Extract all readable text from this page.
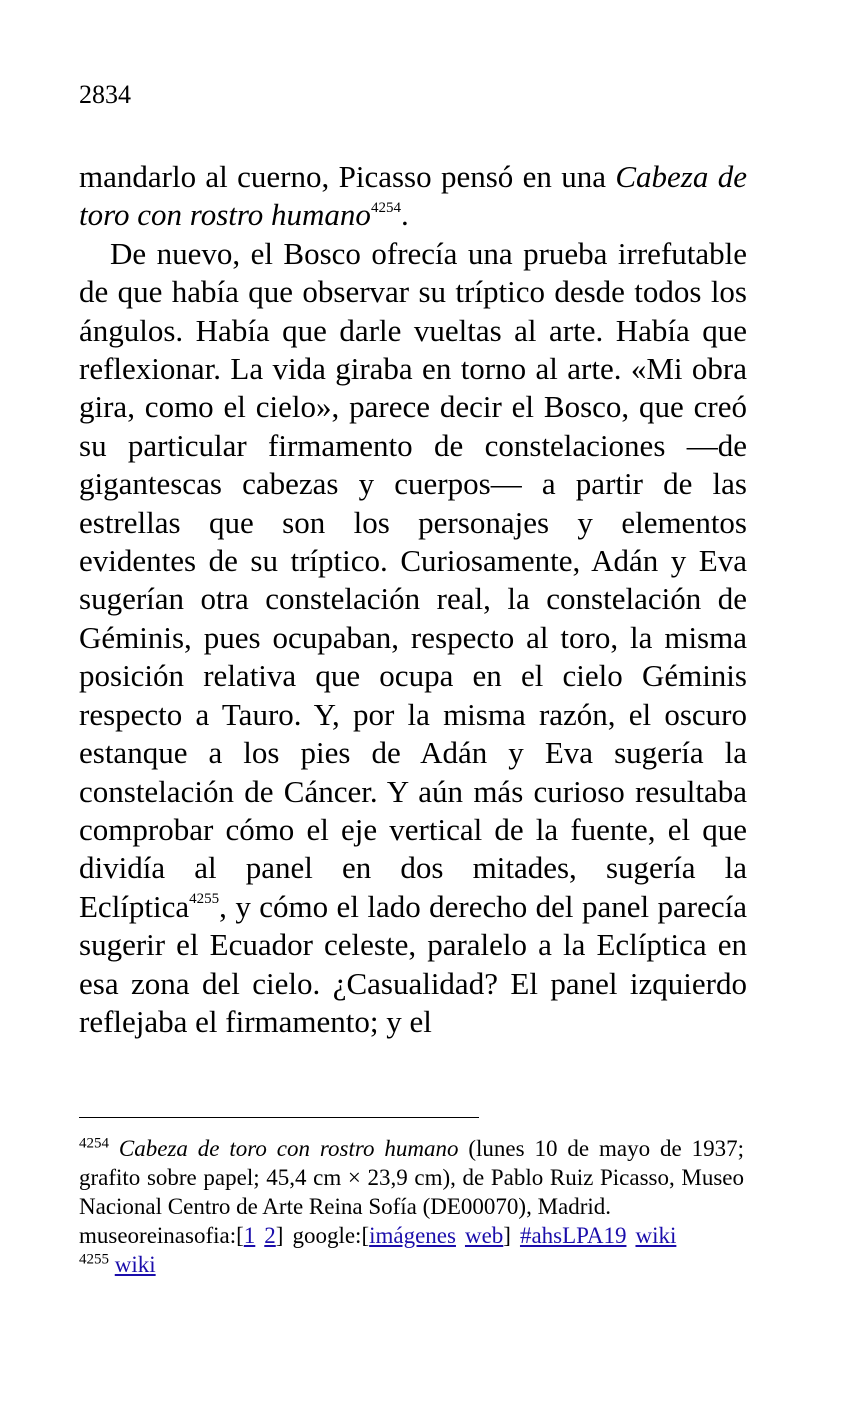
2834

mandarlo al cuerno, Picasso pensó en una Cabeza de toro con rostro humano$^{4254}$.

De nuevo, el Bosco ofrecía una prueba irrefutable de que había que observar su tríptico desde todos los ángulos. Había que darle vueltas al arte. Había que reflexionar. La vida giraba en torno al arte. «Mi obra gira, como el cielo», parece decir el Bosco, que creó su particular firmamento de constelaciones —de gigantescas cabezas y cuerpos— a partir de las estrellas que son los personajes y elementos evidentes de su tríptico. Curiosamente, Adán y Eva sugerían otra constelación real, la constelación de Géminis, pues ocupaban, respecto al toro, la misma posición relativa que ocupa en el cielo Géminis respecto a Tauro. Y, por la misma razón, el oscuro estanque a los pies de Adán y Eva sugería la constelación de Cáncer. Y aún más curioso resultaba comprobar cómo el eje vertical de la fuente, el que dividía al panel en dos mitades, sugería la Eclíptica$^{4255}$, y cómo el lado derecho del panel parecía sugerir el Ecuador celeste, paralelo a la Eclíptica en esa zona del cielo. ¿Casualidad? El panel izquierdo reflejaba el firmamento; y el

$^{4254}$ Cabeza de toro con rostro humano (lunes 10 de mayo de 1937; grafito sobre papel; 45,4 cm × 23,9 cm), de Pablo Ruiz Picasso, Museo Nacional Centro de Arte Reina Sofía (DE00070), Madrid.

museoreinasofia:[1 2] google:[imágenes web] #ahsLPA19 wiki

$^{4255}$ wiki
